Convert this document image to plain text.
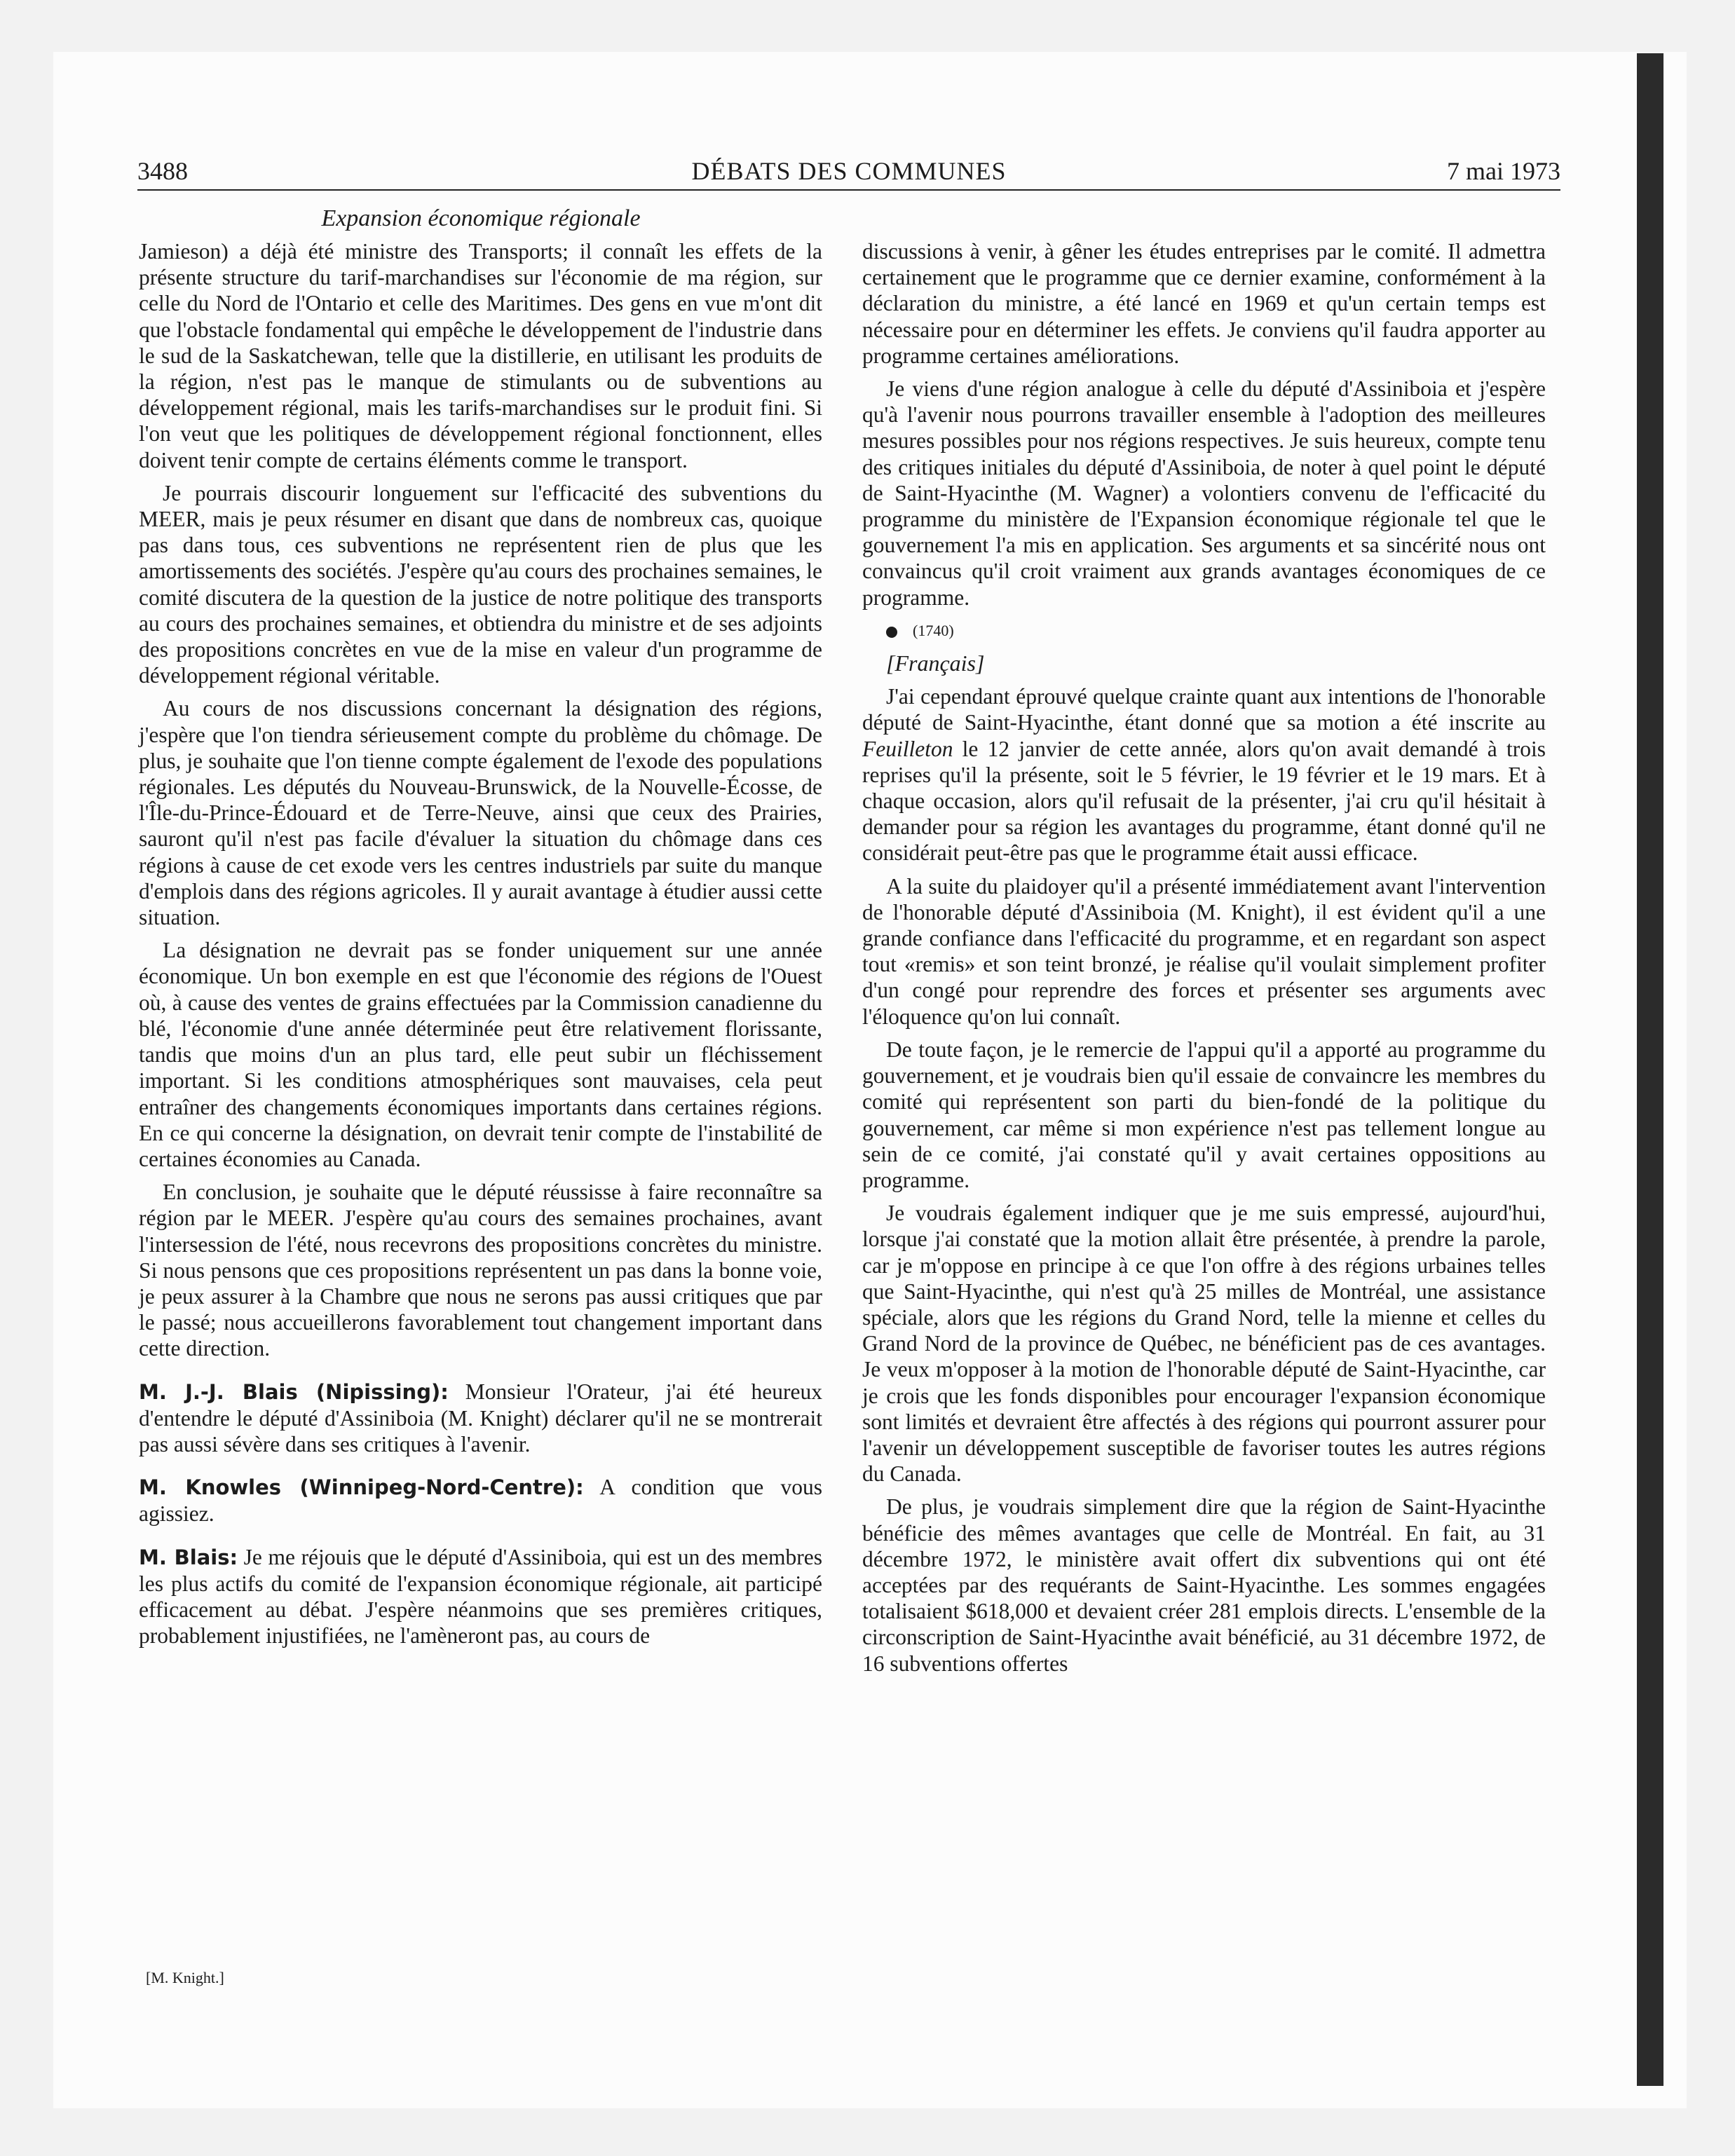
3488	DÉBATS DES COMMUNES	7 mai 1973
Expansion économique régionale

Jamieson) a déjà été ministre des Transports; il connaît les effets de la présente structure du tarif-marchandises sur l'économie de ma région, sur celle du Nord de l'Ontario et celle des Maritimes. Des gens en vue m'ont dit que l'obstacle fondamental qui empêche le développement de l'industrie dans le sud de la Saskatchewan, telle que la distillerie, en utilisant les produits de la région, n'est pas le manque de stimulants ou de subventions au développement régional, mais les tarifs-marchandises sur le produit fini. Si l'on veut que les politiques de développement régional fonctionnent, elles doivent tenir compte de certains éléments comme le transport.

Je pourrais discourir longuement sur l'efficacité des subventions du MEER, mais je peux résumer en disant que dans de nombreux cas, quoique pas dans tous, ces subventions ne représentent rien de plus que les amortissements des sociétés. J'espère qu'au cours des prochaines semaines, le comité discutera de la question de la justice de notre politique des transports au cours des prochaines semaines, et obtiendra du ministre et de ses adjoints des propositions concrètes en vue de la mise en valeur d'un programme de développement régional véritable.

Au cours de nos discussions concernant la désignation des régions, j'espère que l'on tiendra sérieusement compte du problème du chômage. De plus, je souhaite que l'on tienne compte également de l'exode des populations régionales. Les députés du Nouveau-Brunswick, de la Nouvelle-Écosse, de l'Île-du-Prince-Édouard et de Terre-Neuve, ainsi que ceux des Prairies, sauront qu'il n'est pas facile d'évaluer la situation du chômage dans ces régions à cause de cet exode vers les centres industriels par suite du manque d'emplois dans des régions agricoles. Il y aurait avantage à étudier aussi cette situation.

La désignation ne devrait pas se fonder uniquement sur une année économique. Un bon exemple en est que l'économie des régions de l'Ouest où, à cause des ventes de grains effectuées par la Commission canadienne du blé, l'économie d'une année déterminée peut être relativement florissante, tandis que moins d'un an plus tard, elle peut subir un fléchissement important. Si les conditions atmosphériques sont mauvaises, cela peut entraîner des changements économiques importants dans certaines régions. En ce qui concerne la désignation, on devrait tenir compte de l'instabilité de certaines économies au Canada.

En conclusion, je souhaite que le député réussisse à faire reconnaître sa région par le MEER. J'espère qu'au cours des semaines prochaines, avant l'intersession de l'été, nous recevrons des propositions concrètes du ministre. Si nous pensons que ces propositions représentent un pas dans la bonne voie, je peux assurer à la Chambre que nous ne serons pas aussi critiques que par le passé; nous accueillerons favorablement tout changement important dans cette direction.

M. J.-J. Blais (Nipissing): Monsieur l'Orateur, j'ai été heureux d'entendre le député d'Assiniboia (M. Knight) déclarer qu'il ne se montrerait pas aussi sévère dans ses critiques à l'avenir.

M. Knowles (Winnipeg-Nord-Centre): A condition que vous agissiez.

M. Blais: Je me réjouis que le député d'Assiniboia, qui est un des membres les plus actifs du comité de l'expansion économique régionale, ait participé efficacement au débat. J'espère néanmoins que ses premières critiques, probablement injustifiées, ne l'amèneront pas, au cours de

[M. Knight.]

discussions à venir, à gêner les études entreprises par le comité. Il admettra certainement que le programme que ce dernier examine, conformément à la déclaration du ministre, a été lancé en 1969 et qu'un certain temps est nécessaire pour en déterminer les effets. Je conviens qu'il faudra apporter au programme certaines améliorations.

Je viens d'une région analogue à celle du député d'Assiniboia et j'espère qu'à l'avenir nous pourrons travailler ensemble à l'adoption des meilleures mesures possibles pour nos régions respectives. Je suis heureux, compte tenu des critiques initiales du député d'Assiniboia, de noter à quel point le député de Saint-Hyacinthe (M. Wagner) a volontiers convenu de l'efficacité du programme du ministère de l'Expansion économique régionale tel que le gouvernement l'a mis en application. Ses arguments et sa sincérité nous ont convaincus qu'il croit vraiment aux grands avantages économiques de ce programme.

(1740)

[Français]

J'ai cependant éprouvé quelque crainte quant aux intentions de l'honorable député de Saint-Hyacinthe, étant donné que sa motion a été inscrite au Feuilleton le 12 janvier de cette année, alors qu'on avait demandé à trois reprises qu'il la présente, soit le 5 février, le 19 février et le 19 mars. Et à chaque occasion, alors qu'il refusait de la présenter, j'ai cru qu'il hésitait à demander pour sa région les avantages du programme, étant donné qu'il ne considérait peut-être pas que le programme était aussi efficace.

A la suite du plaidoyer qu'il a présenté immédiatement avant l'intervention de l'honorable député d'Assiniboia (M. Knight), il est évident qu'il a une grande confiance dans l'efficacité du programme, et en regardant son aspect tout «remis» et son teint bronzé, je réalise qu'il voulait simplement profiter d'un congé pour reprendre des forces et présenter ses arguments avec l'éloquence qu'on lui connaît.

De toute façon, je le remercie de l'appui qu'il a apporté au programme du gouvernement, et je voudrais bien qu'il essaie de convaincre les membres du comité qui représentent son parti du bien-fondé de la politique du gouvernement, car même si mon expérience n'est pas tellement longue au sein de ce comité, j'ai constaté qu'il y avait certaines oppositions au programme.

Je voudrais également indiquer que je me suis empressé, aujourd'hui, lorsque j'ai constaté que la motion allait être présentée, à prendre la parole, car je m'oppose en principe à ce que l'on offre à des régions urbaines telles que Saint-Hyacinthe, qui n'est qu'à 25 milles de Montréal, une assistance spéciale, alors que les régions du Grand Nord, telle la mienne et celles du Grand Nord de la province de Québec, ne bénéficient pas de ces avantages. Je veux m'opposer à la motion de l'honorable député de Saint-Hyacinthe, car je crois que les fonds disponibles pour encourager l'expansion économique sont limités et devraient être affectés à des régions qui pourront assurer pour l'avenir un développement susceptible de favoriser toutes les autres régions du Canada.

De plus, je voudrais simplement dire que la région de Saint-Hyacinthe bénéficie des mêmes avantages que celle de Montréal. En fait, au 31 décembre 1972, le ministère avait offert dix subventions qui ont été acceptées par des requérants de Saint-Hyacinthe. Les sommes engagées totalisaient $618,000 et devaient créer 281 emplois directs. L'ensemble de la circonscription de Saint-Hyacinthe avait bénéficié, au 31 décembre 1972, de 16 subventions offertes
